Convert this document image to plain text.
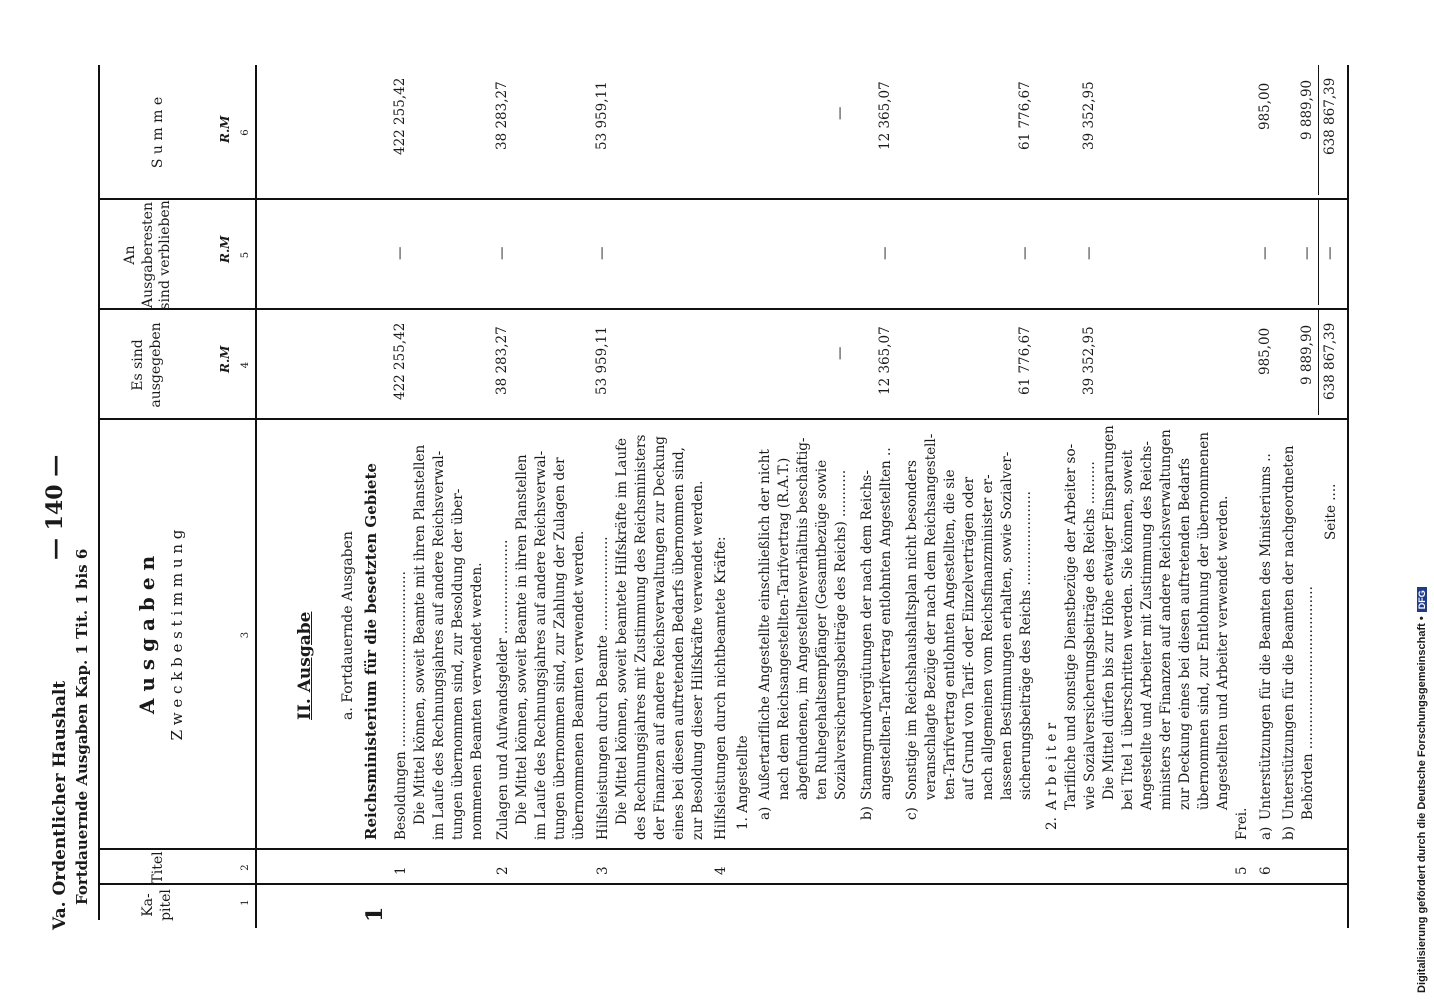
Va. Ordentlicher Haushalt Fortdauernde Ausgaben Kap. 1 Tit. 1 bis 6
— 140 —
Ka-
pitel
Titel
A u s g a b e n Z w e c k b e s t i m m u n g
Es sind
ausgegeben
An
Ausgaberesten
sind verblieben
S u m m e
R.M
R.M
R.M
1
2
3
4
5
6
II. Ausgabe a. Fortdauernde Ausgaben Reichsministerium für die besetzten Gebiete
1
1
Besoldungen ......................................... Die Mittel können, soweit Beamte mit ihren Planstellen im Laufe des Rechnungsjahres auf andere Reichsverwal- tungen übernommen sind, zur Besoldung der über- nommenen Beamten verwendet werden.
422 255,42
—
422 255,42
2
Zulagen und Aufwandsgelder ...................... Die Mittel können, soweit Beamte in ihren Planstellen im Laufe des Rechnungsjahres auf andere Reichsverwal- tungen übernommen sind, zur Zahlung der Zulagen der übernommenen Beamten verwendet werden.
38 283,27
—
38 283,27
3
Hilfsleistungen durch Beamte ...................... Die Mittel können, soweit beamtete Hilfskräfte im Laufe des Rechnungsjahres mit Zustimmung des Reichsministers der Finanzen auf andere Reichsverwaltungen zur Deckung eines bei diesen auftretenden Bedarfs übernommen sind, zur Besoldung dieser Hilfskräfte verwendet werden.
53 959,11
—
53 959,11
4
Hilfsleistungen durch nichtbeamtete Kräfte: 1. Angestellte a)
Außertarifliche Angestellte einschließlich der nicht nach dem Reichsangestellten-Tarifvertrag (R.A.T.) abgefundenen, im Angestelltenverhältnis beschäftig- ten Ruhegehaltsempfänger (Gesamtbezüge sowie Sozialversicherungsbeiträge des Reichs) ...........
—
—
b)
Stammgrundvergütungen der nach dem Reichs- angestellten-Tarifvertrag entlohnten Angestellten ..
12 365,07
—
12 365,07
c)
Sonstige im Reichshaushaltsplan nicht besonders veranschlagte Bezüge der nach dem Reichsangestell- ten-Tarifvertrag entlohnten Angestellten, die sie auf Grund von Tarif- oder Einzelverträgen oder nach allgemeinen vom Reichsfinanzminister er- lassenen Bestimmungen erhalten, sowie Sozialver- sicherungsbeiträge des Reichs ......................
61 776,67
—
61 776,67
2.
A r b e i t e r Tarifliche und sonstige Dienstbezüge der Arbeiter so- wie Sozialversicherungsbeiträge des Reichs .......... Die Mittel dürfen bis zur Höhe etwaiger Einsparungen bei Titel 1 überschritten werden. Sie können, soweit Angestellte und Arbeiter mit Zustimmung des Reichs- ministers der Finanzen auf andere Reichsverwaltungen zur Deckung eines bei diesen auftretenden Bedarfs übernommen sind, zur Entlohnung der übernommenen Angestellten und Arbeiter verwendet werden.
39 352,95
—
39 352,95
5
Frei.
6
a)
Unterstützungen für die Beamten des Ministeriums ..
985,00
—
985,00
b)
Unterstützungen für die Beamten der nachgeordneten Behörden ......................................
9 889,90
—
9 889,90
Seite ....
638 867,39
—
638 867,39
Digitalisierung gefördert durch die Deutsche Forschungsgemeinschaft •DFG
